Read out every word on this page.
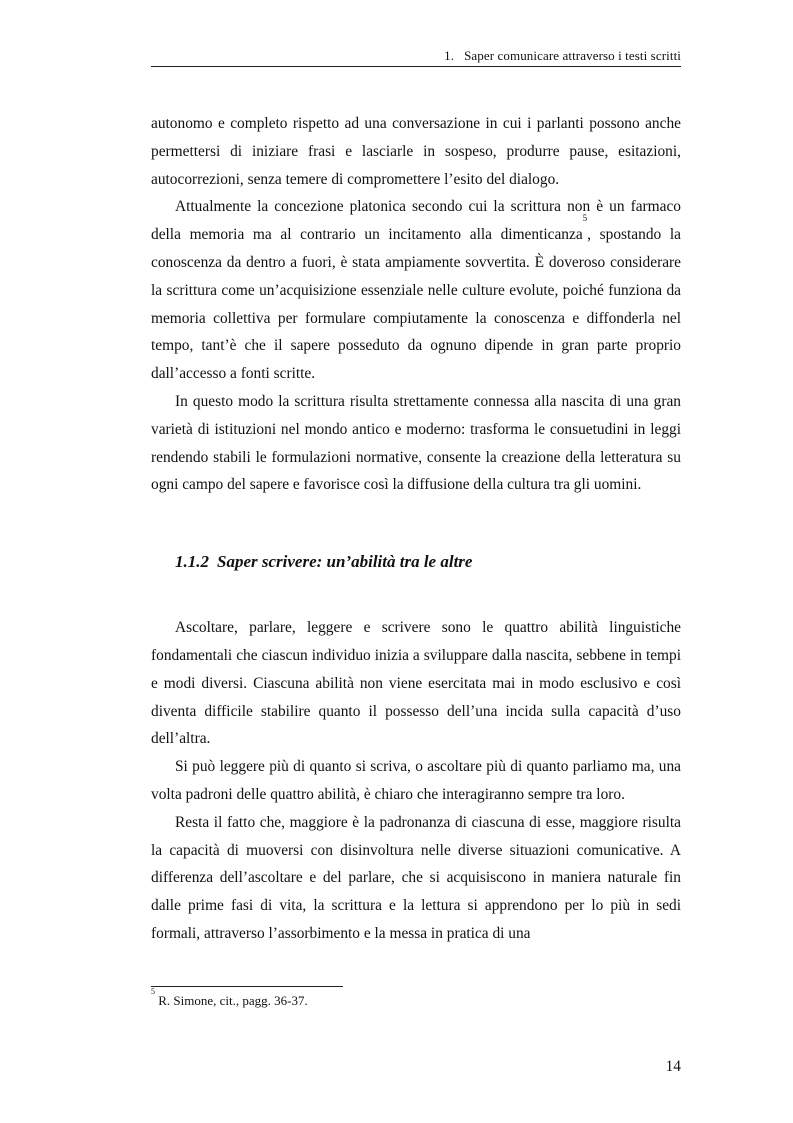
1. Saper comunicare attraverso i testi scritti

autonomo e completo rispetto ad una conversazione in cui i parlanti possono anche permettersi di iniziare frasi e lasciarle in sospeso, produrre pause, esitazioni, autocorrezioni, senza temere di compromettere l’esito del dialogo.

Attualmente la concezione platonica secondo cui la scrittura non è un farmaco della memoria ma al contrario un incitamento alla dimenticanza$^5$, spostando la conoscenza da dentro a fuori, è stata ampiamente sovvertita. È doveroso considerare la scrittura come un’acquisizione essenziale nelle culture evolute, poiché funziona da memoria collettiva per formulare compiutamente la conoscenza e diffonderla nel tempo, tant’è che il sapere posseduto da ognuno dipende in gran parte proprio dall’accesso a fonti scritte.

In questo modo la scrittura risulta strettamente connessa alla nascita di una gran varietà di istituzioni nel mondo antico e moderno: trasforma le consuetudini in leggi rendendo stabili le formulazioni normative, consente la creazione della letteratura su ogni campo del sapere e favorisce così la diffusione della cultura tra gli uomini.

1.1.2 Saper scrivere: un’abilità tra le altre

Ascoltare, parlare, leggere e scrivere sono le quattro abilità linguistiche fondamentali che ciascun individuo inizia a sviluppare dalla nascita, sebbene in tempi e modi diversi. Ciascuna abilità non viene esercitata mai in modo esclusivo e così diventa difficile stabilire quanto il possesso dell’una incida sulla capacità d’uso dell’altra.

Si può leggere più di quanto si scriva, o ascoltare più di quanto parliamo ma, una volta padroni delle quattro abilità, è chiaro che interagiranno sempre tra loro.

Resta il fatto che, maggiore è la padronanza di ciascuna di esse, maggiore risulta la capacità di muoversi con disinvoltura nelle diverse situazioni comunicative. A differenza dell’ascoltare e del parlare, che si acquisiscono in maniera naturale fin dalle prime fasi di vita, la scrittura e la lettura si apprendono per lo più in sedi formali, attraverso l’assorbimento e la messa in pratica di una

$^5$ R. Simone, cit., pagg. 36-37.
14
